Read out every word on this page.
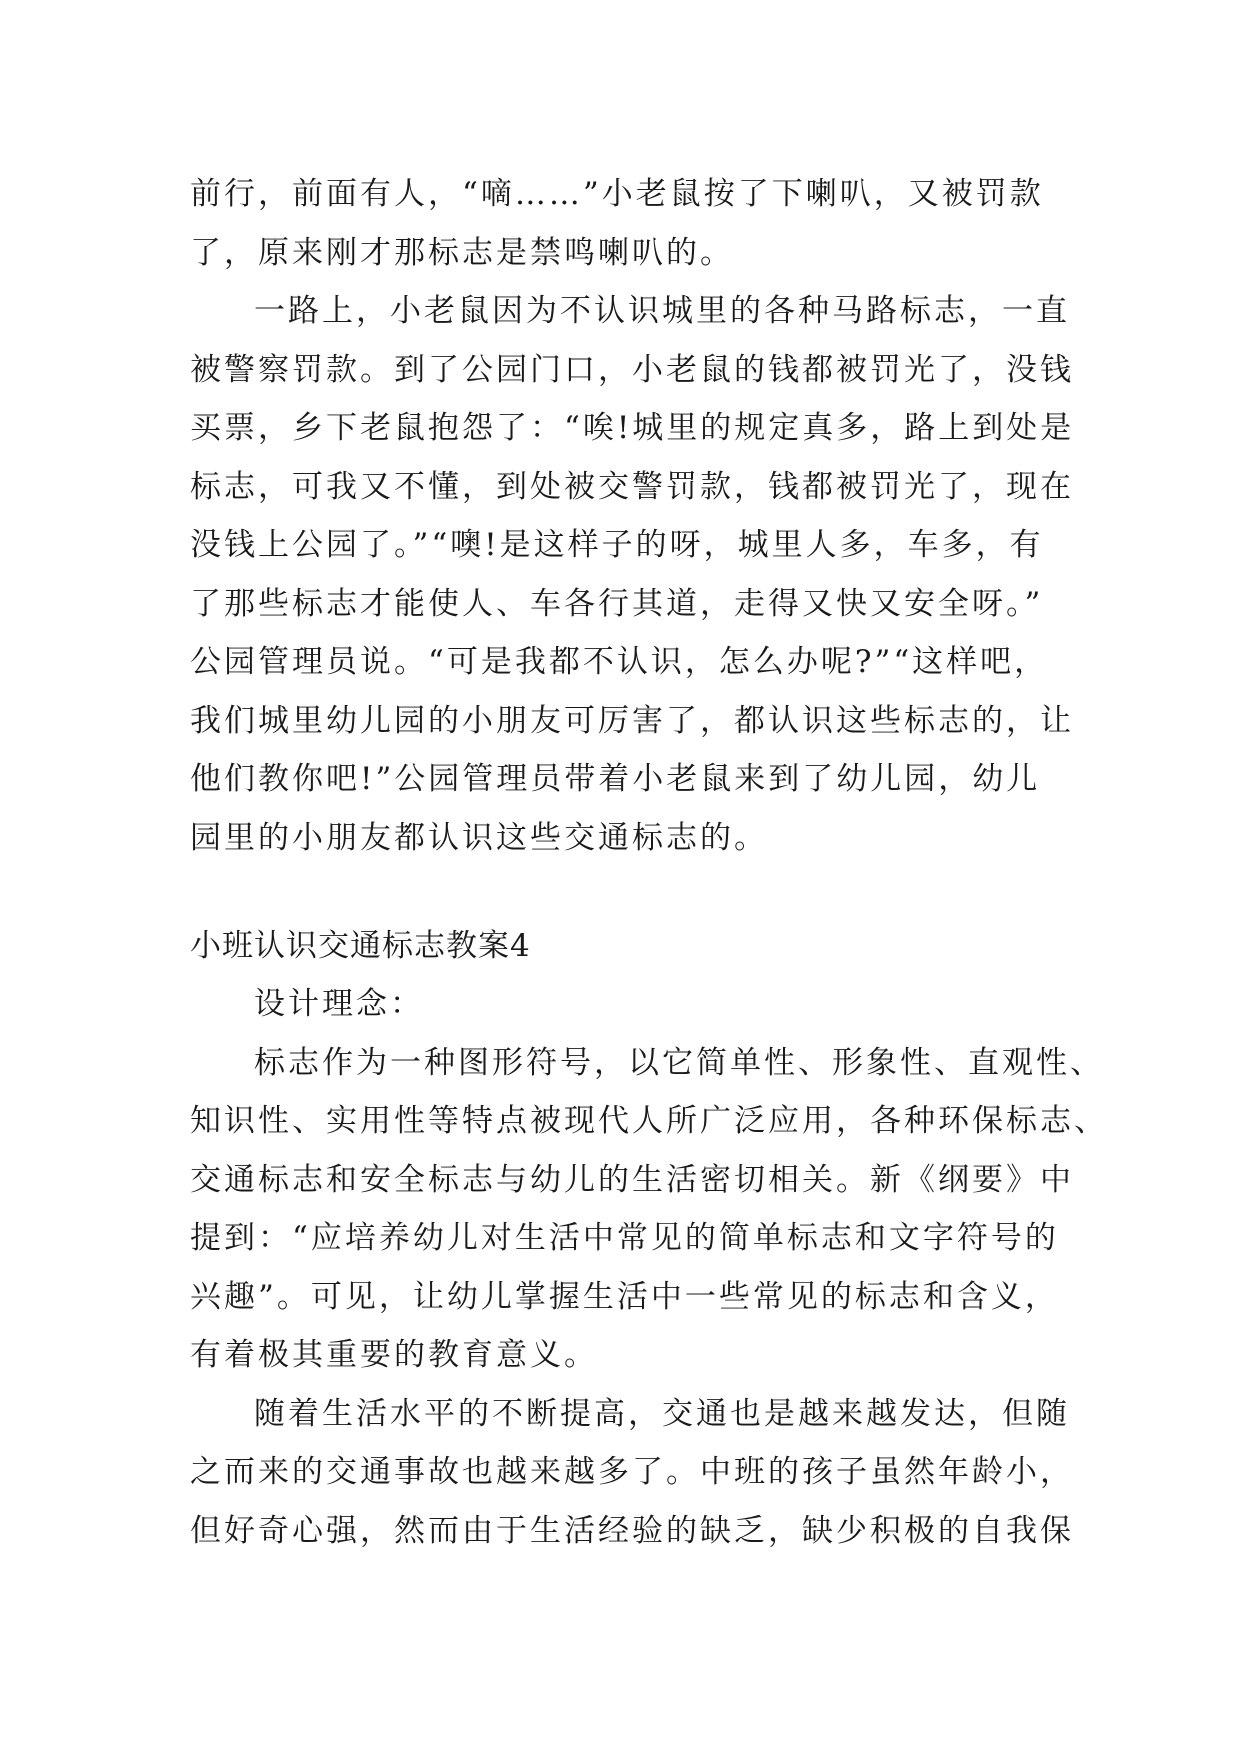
前行，前面有人，“嘀……”小老鼠按了下喇叭，又被罚款
了，原来刚才那标志是禁鸣喇叭的。
一路上，小老鼠因为不认识城里的各种马路标志，一直
被警察罚款。到了公园门口，小老鼠的钱都被罚光了，没钱
买票，乡下老鼠抱怨了：“唉!城里的规定真多，路上到处是
标志，可我又不懂，到处被交警罚款，钱都被罚光了，现在
没钱上公园了。”“噢!是这样子的呀，城里人多，车多，有
了那些标志才能使人、车各行其道，走得又快又安全呀。”
公园管理员说。“可是我都不认识，怎么办呢?”“这样吧，
我们城里幼儿园的小朋友可厉害了，都认识这些标志的，让
他们教你吧!”公园管理员带着小老鼠来到了幼儿园，幼儿
园里的小朋友都认识这些交通标志的。
小班认识交通标志教案4
设计理念：
标志作为一种图形符号，以它简单性、形象性、直观性、
知识性、实用性等特点被现代人所广泛应用，各种环保标志、
交通标志和安全标志与幼儿的生活密切相关。新《纲要》中
提到：“应培养幼儿对生活中常见的简单标志和文字符号的
兴趣”。可见，让幼儿掌握生活中一些常见的标志和含义，
有着极其重要的教育意义。
随着生活水平的不断提高，交通也是越来越发达，但随
之而来的交通事故也越来越多了。中班的孩子虽然年龄小，
但好奇心强，然而由于生活经验的缺乏，缺少积极的自我保
